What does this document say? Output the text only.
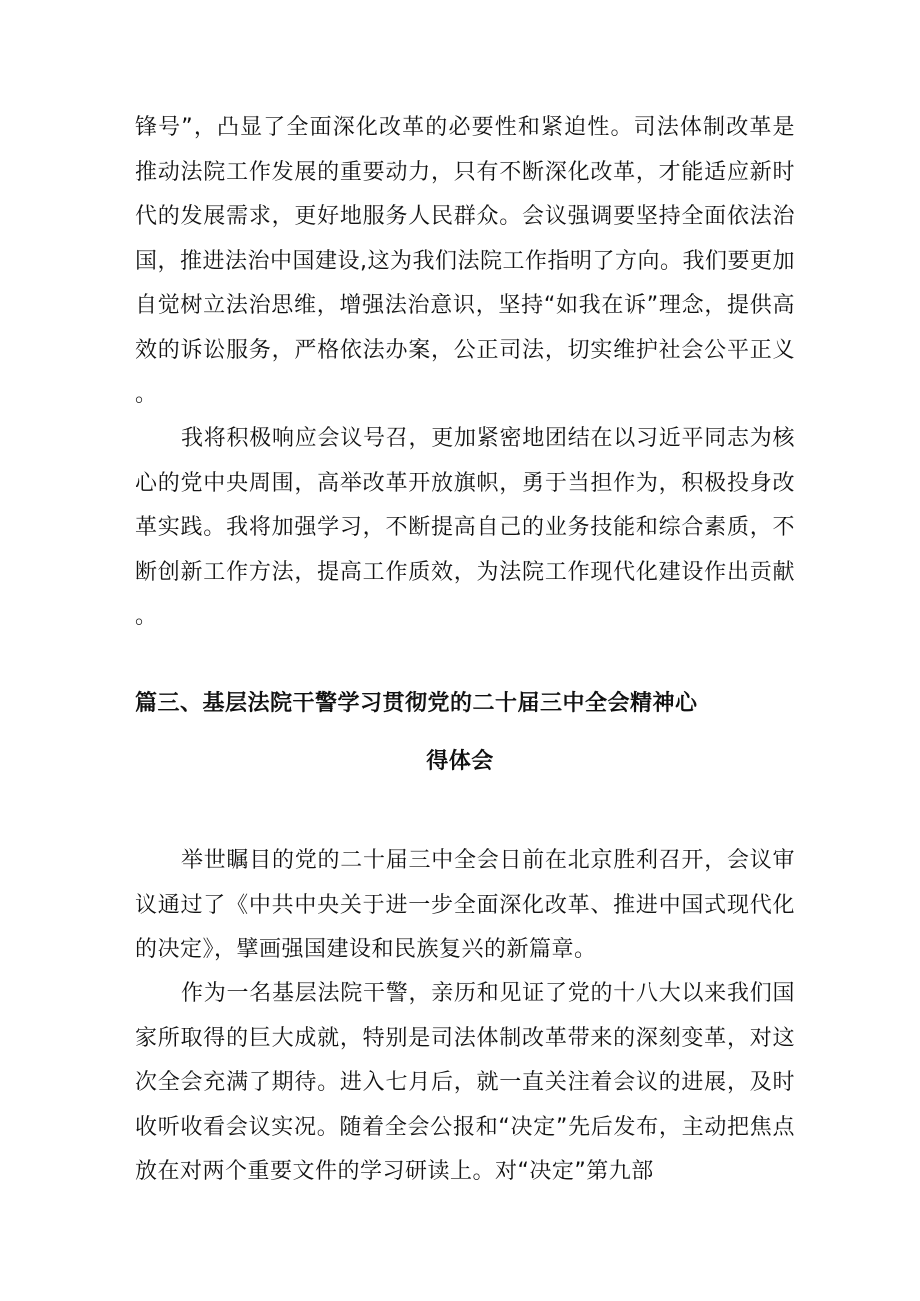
锋号”，凸显了全面深化改革的必要性和紧迫性。司法体制改革是推动法院工作发展的重要动力，只有不断深化改革，才能适应新时代的发展需求，更好地服务人民群众。会议强调要坚持全面依法治国，推进法治中国建设,这为我们法院工作指明了方向。我们要更加自觉树立法治思维，增强法治意识，坚持“如我在诉”理念，提供高效的诉讼服务，严格依法办案，公正司法，切实维护社会公平正义。

我将积极响应会议号召，更加紧密地团结在以习近平同志为核心的党中央周围，高举改革开放旗帜，勇于当担作为，积极投身改革实践。我将加强学习，不断提高自己的业务技能和综合素质，不断创新工作方法，提高工作质效，为法院工作现代化建设作出贡献。

篇三、基层法院干警学习贯彻党的二十届三中全会精神心
得体会

举世瞩目的党的二十届三中全会日前在北京胜利召开，会议审议通过了《中共中央关于进一步全面深化改革、推进中国式现代化的决定》，擘画强国建设和民族复兴的新篇章。

作为一名基层法院干警，亲历和见证了党的十八大以来我们国家所取得的巨大成就，特别是司法体制改革带来的深刻变革，对这次全会充满了期待。进入七月后，就一直关注着会议的进展，及时收听收看会议实况。随着全会公报和“决定”先后发布，主动把焦点放在对两个重要文件的学习研读上。对“决定”第九部
